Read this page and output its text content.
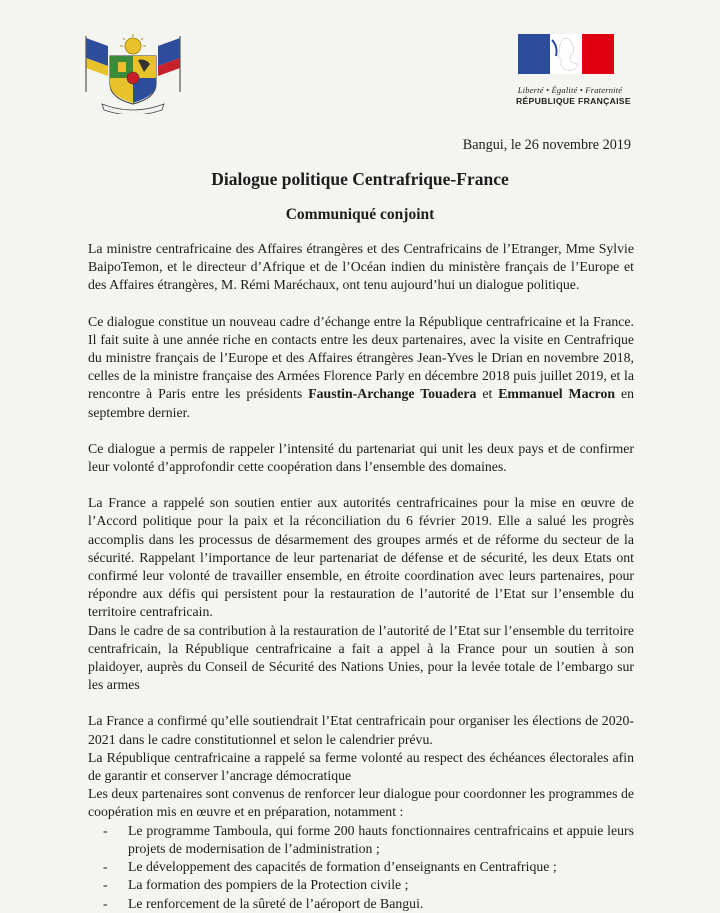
Liberté • Égalité • Fraternité
RÉPUBLIQUE FRANÇAISE
Bangui, le 26 novembre 2019
Dialogue politique Centrafrique-France
Communiqué conjoint

La ministre centrafricaine des Affaires étrangères et des Centrafricains de l’Etranger, Mme Sylvie BaipoTemon, et le directeur d’Afrique et de l’Océan indien du ministère français de l’Europe et des Affaires étrangères, M. Rémi Maréchaux, ont tenu aujourd’hui un dialogue politique.

Ce dialogue constitue un nouveau cadre d’échange entre la République centrafricaine et la France. Il fait suite à une année riche en contacts entre les deux partenaires, avec la visite en Centrafrique du ministre français de l’Europe et des Affaires étrangères Jean-Yves le Drian en novembre 2018, celles de la ministre française des Armées Florence Parly en décembre 2018 puis juillet 2019, et la rencontre à Paris entre les présidents Faustin-Archange Touadera et Emmanuel Macron en septembre dernier.

Ce dialogue a permis de rappeler l’intensité du partenariat qui unit les deux pays et de confirmer leur volonté d’approfondir cette coopération dans l’ensemble des domaines.

La France a rappelé son soutien entier aux autorités centrafricaines pour la mise en œuvre de l’Accord politique pour la paix et la réconciliation du 6 février 2019. Elle a salué les progrès accomplis dans les processus de désarmement des groupes armés et de réforme du secteur de la sécurité. Rappelant l’importance de leur partenariat de défense et de sécurité, les deux Etats ont confirmé leur volonté de travailler ensemble, en étroite coordination avec leurs partenaires, pour répondre aux défis qui persistent pour la restauration de l’autorité de l’Etat sur l’ensemble du territoire centrafricain.

Dans le cadre de sa contribution à la restauration de l’autorité de l’Etat sur l’ensemble du territoire centrafricain, la République centrafricaine a fait a appel à la France pour un soutien à son plaidoyer, auprès du Conseil de Sécurité des Nations Unies, pour la levée totale de l’embargo sur les armes

La France a confirmé qu’elle soutiendrait l’Etat centrafricain pour organiser les élections de 2020-2021 dans le cadre constitutionnel et selon le calendrier prévu.

La République centrafricaine a rappelé sa ferme volonté au respect des échéances électorales afin de garantir et conserver l’ancrage démocratique

Les deux partenaires sont convenus de renforcer leur dialogue pour coordonner les programmes de coopération mis en œuvre et en préparation, notamment :

- Le programme Tamboula, qui forme 200 hauts fonctionnaires centrafricains et appuie leurs projets de modernisation de l’administration ;
- Le développement des capacités de formation d’enseignants en Centrafrique ;
- La formation des pompiers de la Protection civile ;
- Le renforcement de la sûreté de l’aéroport de Bangui.
